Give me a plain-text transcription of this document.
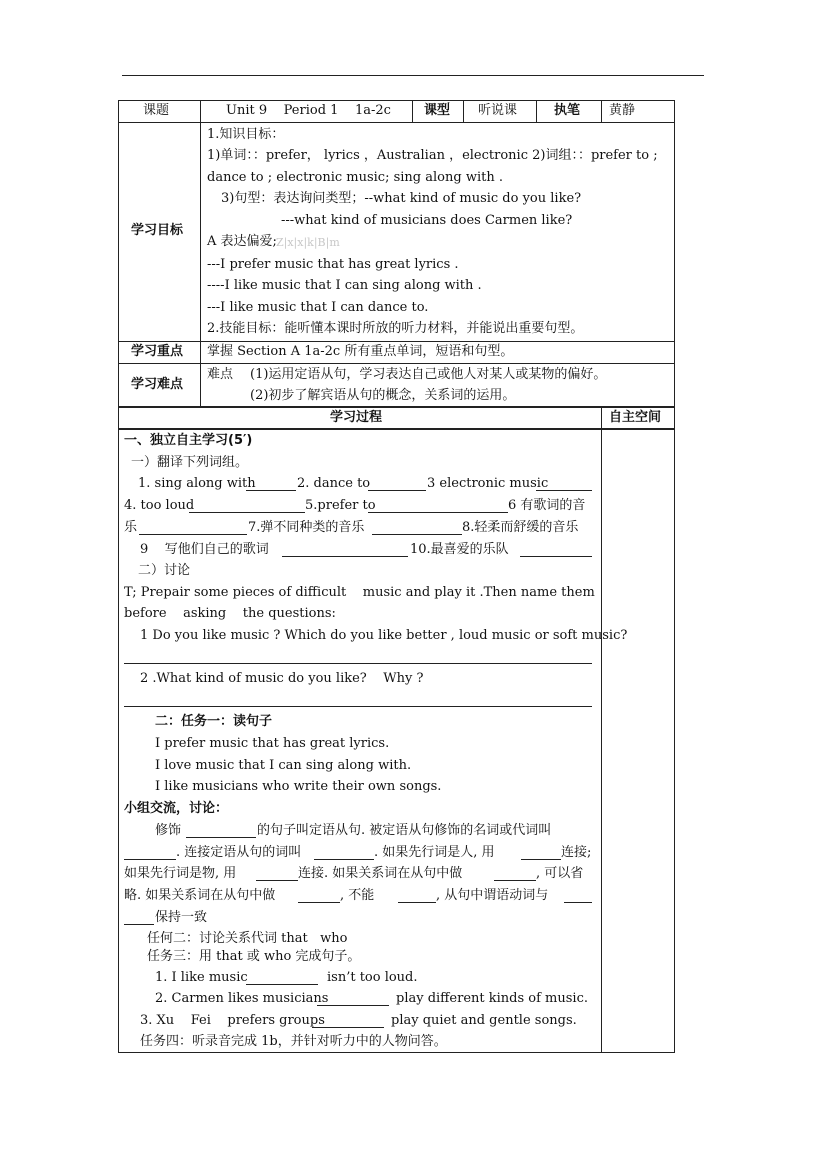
课题	Unit 9    Period 1    1a-2c	课型 听说课	执笔 黄静
学习目标
1.知识目标：
1)单词：：prefer， lyrics ，Australian ，electronic 2)词组：：prefer to ;
dance to ; electronic music; sing along with .
3)句型：表达询问类型；--what kind of music do you like?
---what kind of musicians does Carmen like?
A 表达偏爱; Z|x|x|k|B|m
---I prefer music that has great lyrics .
----I like music that I can sing along with .
---I like music that I can dance to.
2.技能目标：能听懂本课时所放的听力材料，并能说出重要句型。
学习重点 掌握 Section A 1a-2c 所有重点单词，短语和句型。
学习难点
难点 (1)运用定语从句，学习表达自己或他人对某人或某物的偏好。
(2)初步了解宾语从句的概念，关系词的运用。
学习过程	自主空间
一、独立自主学习(5′)
一）翻译下列词组。
1. sing along with	2. dance to	3 electronic music
4. too loud	5.prefer to	6 有歌词的音
乐	7.弹不同种类的音乐	8.轻柔而舒缓的音乐
9    写他们自己的歌词	10.最喜爱的乐队
二）讨论
T; Prepair some pieces of difficult    music and play it .Then name them
before    asking    the questions:
1 Do you like music ? Which do you like better , loud music or soft music?
2 .What kind of music do you like?    Why ?
二：任务一：读句子
I prefer music that has great lyrics.
I love music that I can sing along with.
I like musicians who write their own songs.
小组交流，讨论：
修饰	的句子叫定语从句. 被定语从句修饰的名词或代词叫
. 连接定语从句的词叫	. 如果先行词是人, 用	连接;
如果先行词是物, 用	连接. 如果关系词在从句中做	, 可以省
略. 如果关系词在从句中做	, 不能	, 从句中谓语动词与
保持一致
任何二：讨论关系代词 that   who
任务三：用 that 或 who 完成句子。
1. I like music	isn’t too loud.
2. Carmen likes musicians	play different kinds of music.
3. Xu    Fei    prefers groups	play quiet and gentle songs.
任务四：听录音完成 1b，并针对听力中的人物问答。
